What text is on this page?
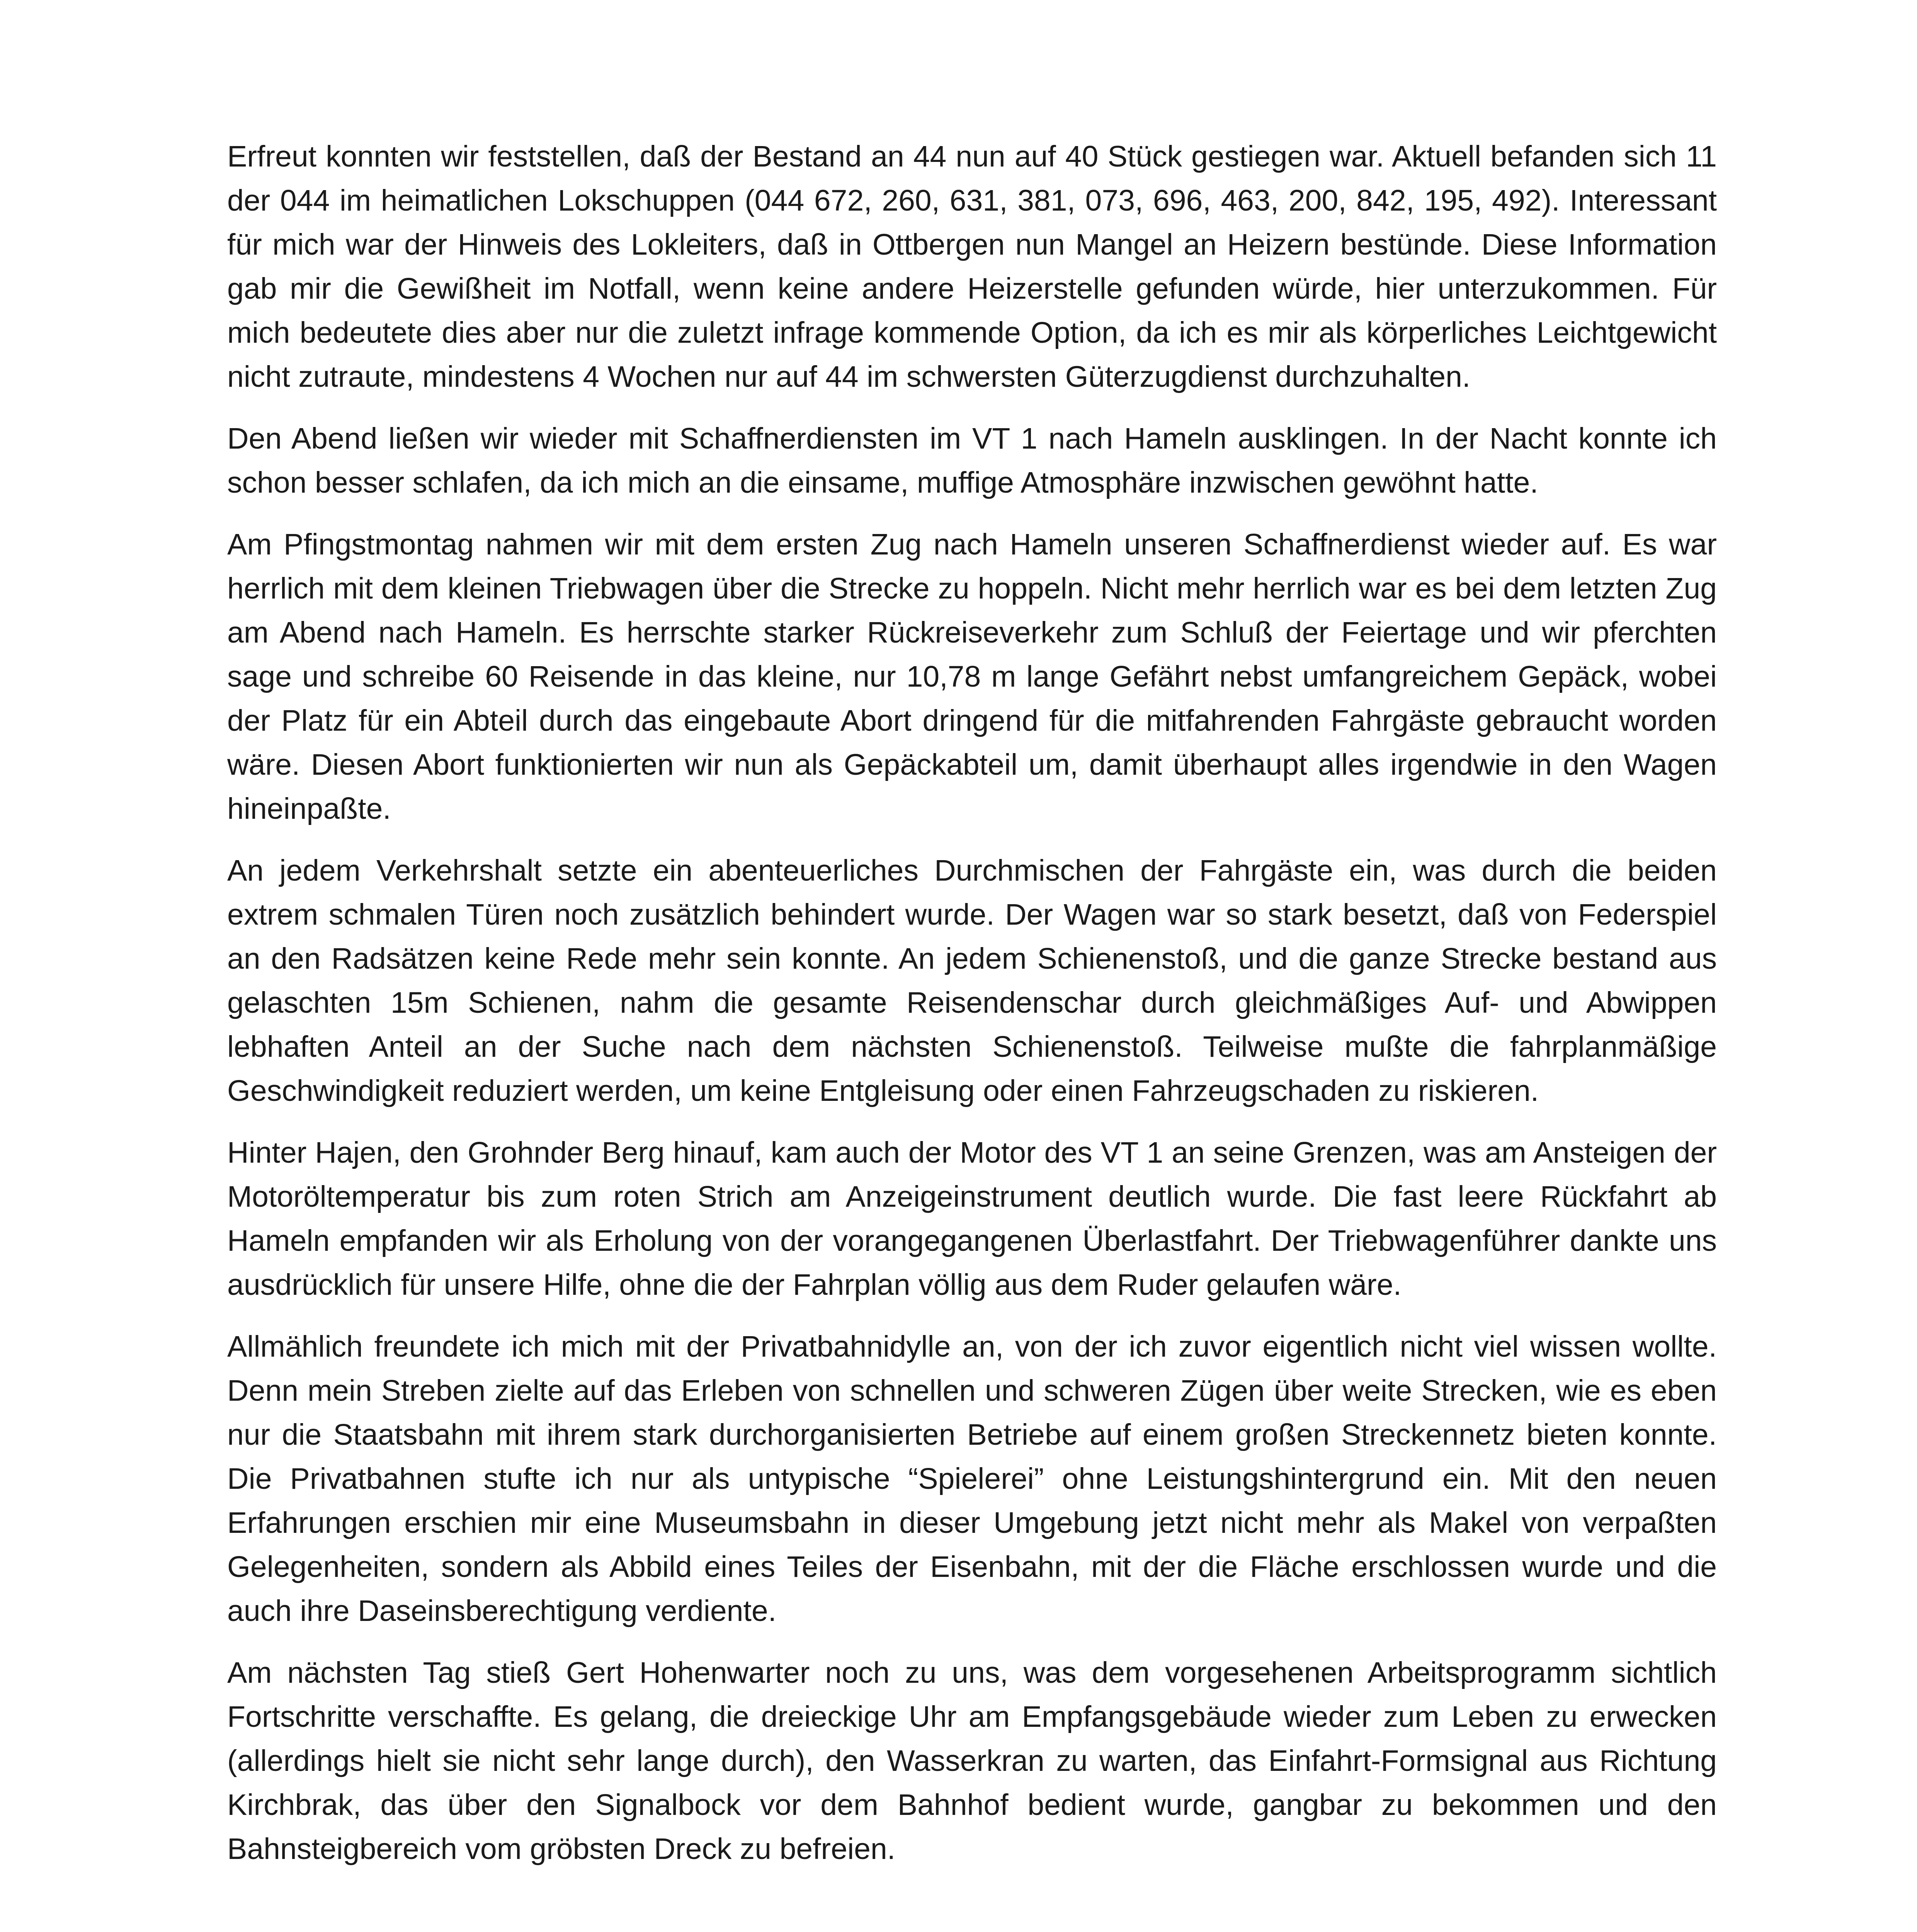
Erfreut konnten wir feststellen, daß der Bestand an 44 nun auf 40 Stück gestiegen war. Aktuell befanden sich 11 der 044 im heimatlichen Lokschuppen (044 672, 260, 631, 381, 073, 696, 463, 200, 842, 195, 492). Interessant für mich war der Hinweis des Lokleiters, daß in Ottbergen nun Mangel an Heizern bestünde. Diese Information gab mir die Gewißheit im Notfall, wenn keine andere Heizerstelle gefunden würde, hier unterzukommen. Für mich bedeutete dies aber nur die zuletzt infrage kommende Option, da ich es mir als körperliches Leichtgewicht nicht zutraute, mindestens 4 Wochen nur auf 44 im schwersten Güterzugdienst durchzuhalten.

Den Abend ließen wir wieder mit Schaffnerdiensten im VT 1 nach Hameln ausklingen. In der Nacht konnte ich schon besser schlafen, da ich mich an die einsame, muffige Atmosphäre inzwischen gewöhnt hatte.

Am Pfingstmontag nahmen wir mit dem ersten Zug nach Hameln unseren Schaffnerdienst wieder auf. Es war herrlich mit dem kleinen Triebwagen über die Strecke zu hoppeln. Nicht mehr herrlich war es bei dem letzten Zug am Abend nach Hameln. Es herrschte starker Rückreiseverkehr zum Schluß der Feiertage und wir pferchten sage und schreibe 60 Reisende in das kleine, nur 10,78 m lange Gefährt nebst umfangreichem Gepäck, wobei der Platz für ein Abteil durch das eingebaute Abort dringend für die mitfahrenden Fahrgäste gebraucht worden wäre. Diesen Abort funktionierten wir nun als Gepäckabteil um, damit überhaupt alles irgendwie in den Wagen hineinpaßte.

An jedem Verkehrshalt setzte ein abenteuerliches Durchmischen der Fahrgäste ein, was durch die beiden extrem schmalen Türen noch zusätzlich behindert wurde. Der Wagen war so stark besetzt, daß von Federspiel an den Radsätzen keine Rede mehr sein konnte. An jedem Schienenstoß, und die ganze Strecke bestand aus gelaschten 15m Schienen, nahm die gesamte Reisendenschar durch gleichmäßiges Auf- und Abwippen lebhaften Anteil an der Suche nach dem nächsten Schienenstoß. Teilweise mußte die fahrplanmäßige Geschwindigkeit reduziert werden, um keine Entgleisung oder einen Fahrzeugschaden zu riskieren.

Hinter Hajen, den Grohnder Berg hinauf, kam auch der Motor des VT 1 an seine Grenzen, was am Ansteigen der Motoröltemperatur bis zum roten Strich am Anzeigeinstrument deutlich wurde. Die fast leere Rückfahrt ab Hameln empfanden wir als Erholung von der vorangegangenen Überlastfahrt. Der Triebwagenführer dankte uns ausdrücklich für unsere Hilfe, ohne die der Fahrplan völlig aus dem Ruder gelaufen wäre.

Allmählich freundete ich mich mit der Privatbahnidylle an, von der ich zuvor eigentlich nicht viel wissen wollte. Denn mein Streben zielte auf das Erleben von schnellen und schweren Zügen über weite Strecken, wie es eben nur die Staatsbahn mit ihrem stark durchorganisierten Betriebe auf einem großen Streckennetz bieten konnte. Die Privatbahnen stufte ich nur als untypische “Spielerei” ohne Leistungshintergrund ein. Mit den neuen Erfahrungen erschien mir eine Museumsbahn in dieser Umgebung jetzt nicht mehr als Makel von verpaßten Gelegenheiten, sondern als Abbild eines Teiles der Eisenbahn, mit der die Fläche erschlossen wurde und die auch ihre Daseinsberechtigung verdiente.

Am nächsten Tag stieß Gert Hohenwarter noch zu uns, was dem vorgesehenen Arbeitsprogramm sichtlich Fortschritte verschaffte. Es gelang, die dreieckige Uhr am Empfangsgebäude wieder zum Leben zu erwecken (allerdings hielt sie nicht sehr lange durch), den Wasserkran zu warten, das Einfahrt-Formsignal aus Richtung Kirchbrak, das über den Signalbock vor dem Bahnhof bedient wurde, gangbar zu bekommen und den Bahnsteigbereich vom gröbsten Dreck zu befreien.
